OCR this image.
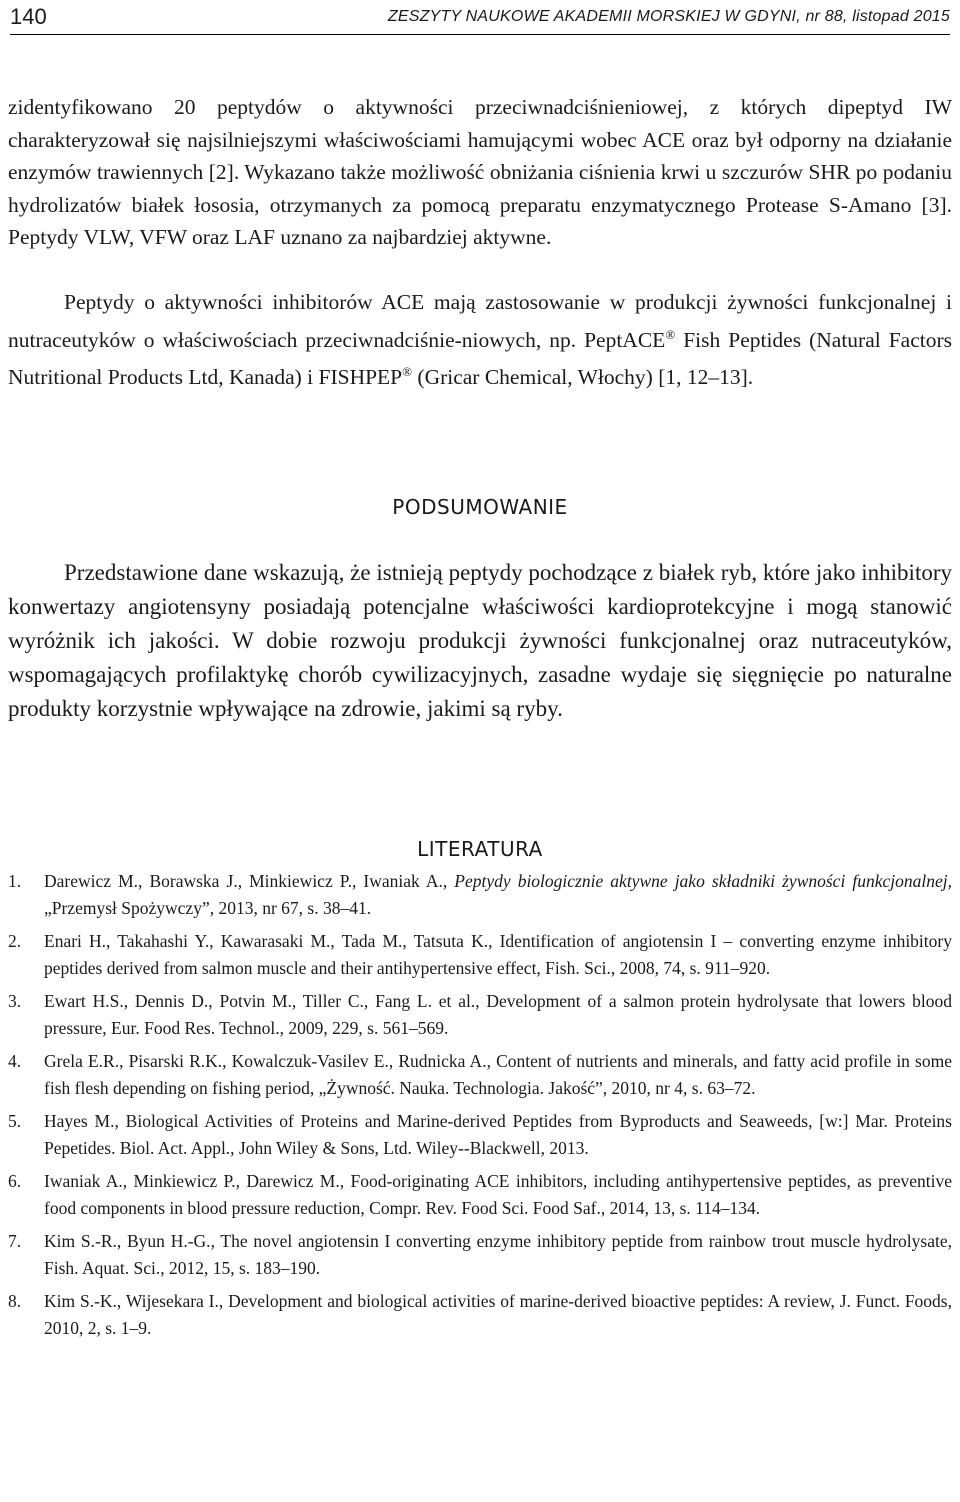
140	ZESZYTY NAUKOWE AKADEMII MORSKIEJ W GDYNI, nr 88, listopad 2015

zidentyfikowano 20 peptydów o aktywności przeciwnadciśnieniowej, z których dipeptyd IW charakteryzował się najsilniejszymi właściwościami hamującymi wobec ACE oraz był odporny na działanie enzymów trawiennych [2]. Wykazano także możliwość obniżania ciśnienia krwi u szczurów SHR po podaniu hydrolizatów białek łososia, otrzymanych za pomocą preparatu enzymatycznego Protease S-Amano [3]. Peptydy VLW, VFW oraz LAF uznano za najbardziej aktywne.

Peptydy o aktywności inhibitorów ACE mają zastosowanie w produkcji żywności funkcjonalnej i nutraceutyków o właściwościach przeciwnadciśnie-niowych, np. PeptACE® Fish Peptides (Natural Factors Nutritional Products Ltd, Kanada) i FISHPEP® (Gricar Chemical, Włochy) [1, 12–13].

PODSUMOWANIE

Przedstawione dane wskazują, że istnieją peptydy pochodzące z białek ryb, które jako inhibitory konwertazy angiotensyny posiadają potencjalne właściwości kardioprotekcyjne i mogą stanowić wyróżnik ich jakości. W dobie rozwoju produkcji żywności funkcjonalnej oraz nutraceutyków, wspomagających profilaktykę chorób cywilizacyjnych, zasadne wydaje się sięgnięcie po naturalne produkty korzystnie wpływające na zdrowie, jakimi są ryby.

LITERATURA
1.	Darewicz M., Borawska J., Minkiewicz P., Iwaniak A., Peptydy biologicznie aktywne jako składniki żywności funkcjonalnej, „Przemysł Spożywczy”, 2013, nr 67, s. 38–41.
2.	Enari H., Takahashi Y., Kawarasaki M., Tada M., Tatsuta K., Identification of angiotensin I – converting enzyme inhibitory peptides derived from salmon muscle and their antihypertensive effect, Fish. Sci., 2008, 74, s. 911–920.
3.	Ewart H.S., Dennis D., Potvin M., Tiller C., Fang L. et al., Development of a salmon protein hydrolysate that lowers blood pressure, Eur. Food Res. Technol., 2009, 229, s. 561–569.
4.	Grela E.R., Pisarski R.K., Kowalczuk-Vasilev E., Rudnicka A., Content of nutrients and minerals, and fatty acid profile in some fish flesh depending on fishing period, „Żywność. Nauka. Technologia. Jakość”, 2010, nr 4, s. 63–72.
5.	Hayes M., Biological Activities of Proteins and Marine-derived Peptides from Byproducts and Seaweeds, [w:] Mar. Proteins Pepetides. Biol. Act. Appl., John Wiley & Sons, Ltd. Wiley--Blackwell, 2013.
6.	Iwaniak A., Minkiewicz P., Darewicz M., Food-originating ACE inhibitors, including antihypertensive peptides, as preventive food components in blood pressure reduction, Compr. Rev. Food Sci. Food Saf., 2014, 13, s. 114–134.
7.	Kim S.-R., Byun H.-G., The novel angiotensin I converting enzyme inhibitory peptide from rainbow trout muscle hydrolysate, Fish. Aquat. Sci., 2012, 15, s. 183–190.
8.	Kim S.-K., Wijesekara I., Development and biological activities of marine-derived bioactive peptides: A review, J. Funct. Foods, 2010, 2, s. 1–9.
